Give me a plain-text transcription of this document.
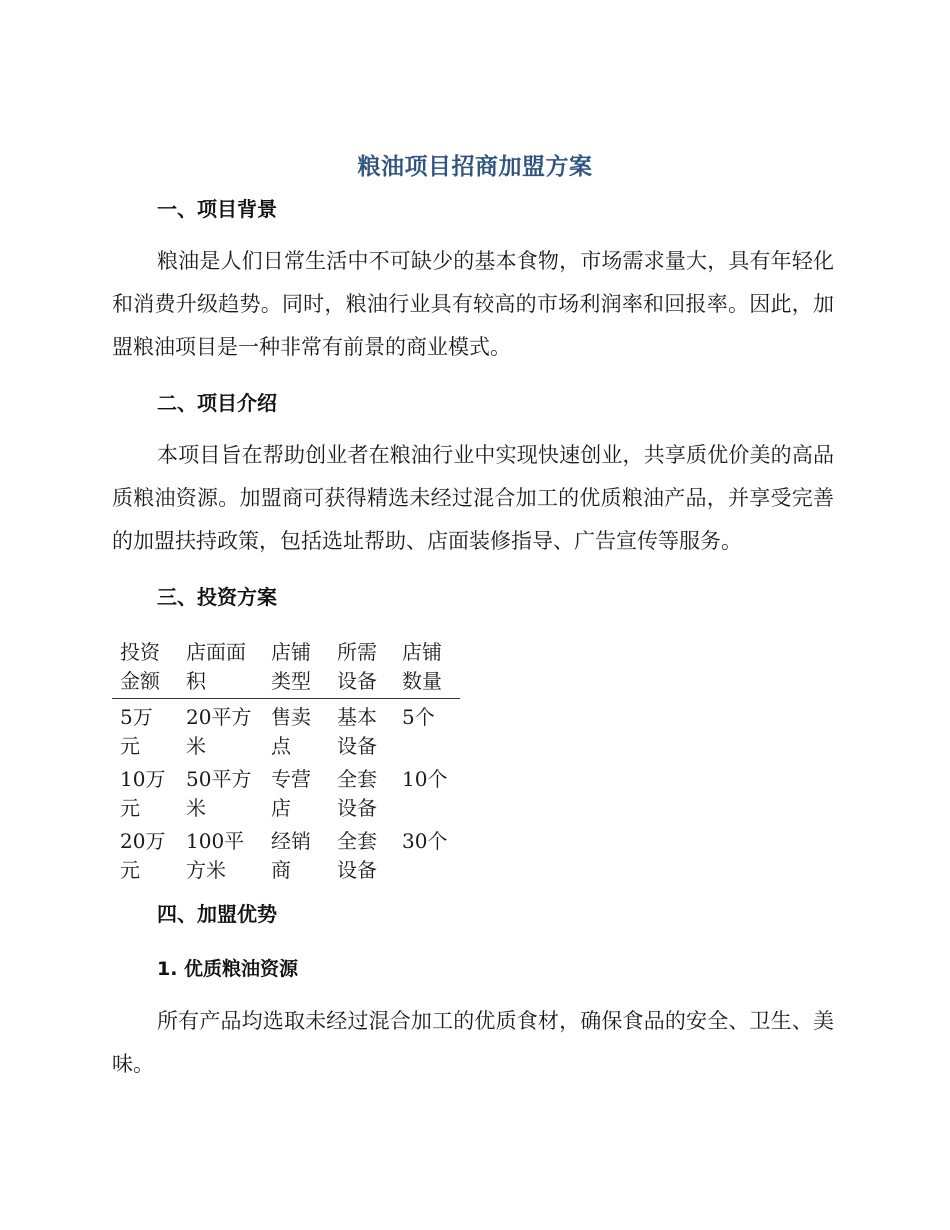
粮油项目招商加盟方案
一、项目背景
粮油是人们日常生活中不可缺少的基本食物，市场需求量大，具有年轻化和消费升级趋势。同时，粮油行业具有较高的市场利润率和回报率。因此，加盟粮油项目是一种非常有前景的商业模式。
二、项目介绍
本项目旨在帮助创业者在粮油行业中实现快速创业，共享质优价美的高品质粮油资源。加盟商可获得精选未经过混合加工的优质粮油产品，并享受完善的加盟扶持政策，包括选址帮助、店面装修指导、广告宣传等服务。
三、投资方案
投资金额	店面面积	店铺类型	所需设备	店铺数量
5万元	20平方米	售卖点	基本设备	5个
10万元	50平方米	专营店	全套设备	10个
20万元	100平方米	经销商	全套设备	30个
四、加盟优势
1. 优质粮油资源
所有产品均选取未经过混合加工的优质食材，确保食品的安全、卫生、美味。
